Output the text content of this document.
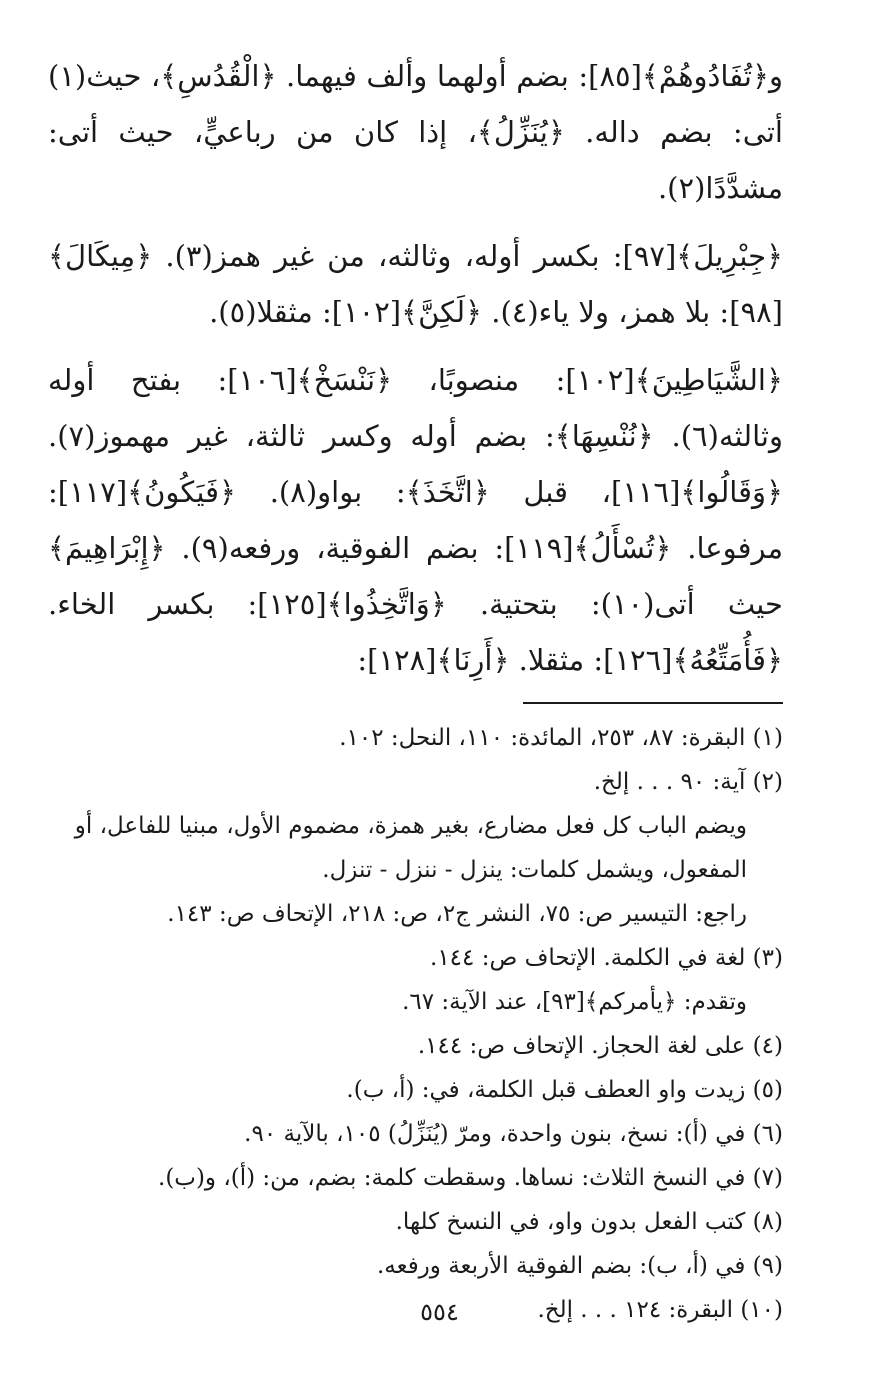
و﴿تُفَادُوهُمْ﴾[٨٥]: بضم أولهما وألف فيهما. ﴿الْقُدُسِ﴾، حيث(١) أتى: بضم داله. ﴿يُنَزِّلُ﴾، إذا كان من رباعيٍّ، حيث أتى: مشدَّدًا(٢).

﴿جِبْرِيلَ﴾[٩٧]: بكسر أوله، وثالثه، من غير همز(٣). ﴿مِيكَالَ﴾[٩٨]: بلا همز، ولا ياء(٤). ﴿لَكِنَّ﴾[١٠٢]: مثقلا(٥).

﴿الشَّيَاطِينَ﴾[١٠٢]: منصوبًا، ﴿نَنْسَخْ﴾[١٠٦]: بفتح أوله وثالثه(٦). ﴿نُنْسِهَا﴾: بضم أوله وكسر ثالثة، غير مهموز(٧). ﴿وَقَالُوا﴾[١١٦]، قبل ﴿اتَّخَذَ﴾: بواو(٨). ﴿فَيَكُونُ﴾[١١٧]: مرفوعا. ﴿تُسْأَلُ﴾[١١٩]: بضم الفوقية، ورفعه(٩). ﴿إِبْرَاهِيمَ﴾ حيث أتى(١٠): بتحتية. ﴿وَاتَّخِذُوا﴾[١٢٥]: بكسر الخاء. ﴿فَأُمَتِّعُهُ﴾[١٢٦]: مثقلا. ﴿أَرِنَا﴾[١٢٨]:

(١) البقرة: ٨٧، ٢٥٣، المائدة: ١١٠، النحل: ١٠٢.

(٢) آية: ٩٠ . . . إلخ.

ويضم الباب كل فعل مضارع، بغير همزة، مضموم الأول، مبنيا للفاعل، أو المفعول، ويشمل كلمات: ينزل - ننزل - تنزل.

راجع: التيسير ص: ٧٥، النشر ج٢، ص: ٢١٨، الإتحاف ص: ١٤٣.

(٣) لغة في الكلمة. الإتحاف ص: ١٤٤.

وتقدم: ﴿يأمركم﴾[٩٣]، عند الآية: ٦٧.

(٤) على لغة الحجاز. الإتحاف ص: ١٤٤.

(٥) زيدت واو العطف قبل الكلمة، في: (أ، ب).

(٦) في (أ): نسخ، بنون واحدة، ومرّ (يُنَزِّلُ) ١٠٥، بالآية ٩٠.

(٧) في النسخ الثلاث: نساها. وسقطت كلمة: بضم، من: (أ)، و(ب).

(٨) كتب الفعل بدون واو، في النسخ كلها.

(٩) في (أ، ب): بضم الفوقية الأربعة ورفعه.

(١٠) البقرة: ١٢٤ . . . إلخ.

٥٥٤
